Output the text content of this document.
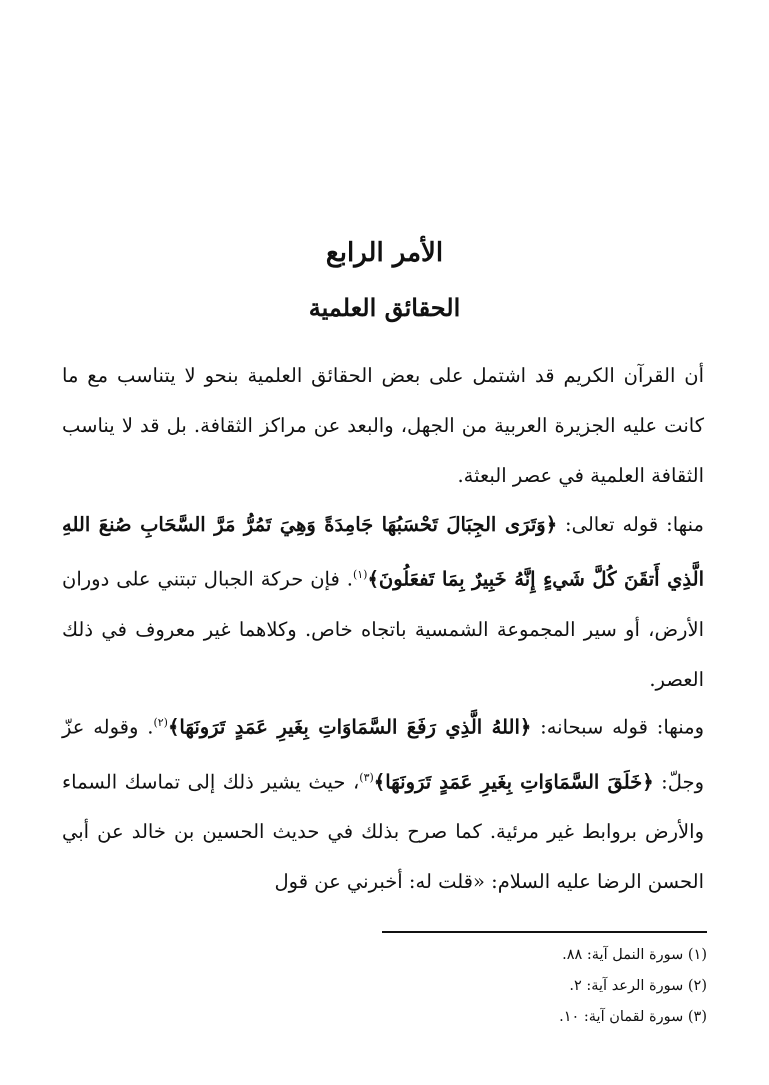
الأمر الرابع
الحقائق العلمية

أن القرآن الكريم قد اشتمل على بعض الحقائق العلمية بنحو لا يتناسب مع ما كانت عليه الجزيرة العربية من الجهل، والبعد عن مراكز الثقافة. بل قد لا يناسب الثقافة العلمية في عصر البعثة.

منها: قوله تعالى: ﴿وَتَرَى الجِبَالَ تَحْسَبُهَا جَامِدَةً وَهِيَ تَمُرُّ مَرَّ السَّحَابِ صُنعَ اللهِ الَّذِي أَتقَنَ كُلَّ شَيءٍ إِنَّهُ خَبِيرٌ بِمَا تَفعَلُونَ﴾$^{(١)}$. فإن حركة الجبال تبتني على دوران الأرض، أو سير المجموعة الشمسية باتجاه خاص. وكلاهما غير معروف في ذلك العصر.

ومنها: قوله سبحانه: ﴿اللهُ الَّذِي رَفَعَ السَّمَاوَاتِ بِغَيرِ عَمَدٍ تَرَونَهَا﴾$^{(٢)}$. وقوله عزّ وجلّ: ﴿خَلَقَ السَّمَاوَاتِ بِغَيرِ عَمَدٍ تَرَونَهَا﴾$^{(٣)}$، حيث يشير ذلك إلى تماسك السماء والأرض بروابط غير مرئية. كما صرح بذلك في حديث الحسين بن خالد عن أبي الحسن الرضا عليه السلام: «قلت له: أخبرني عن قول

(١) سورة النمل آية: ٨٨.
(٢) سورة الرعد آية: ٢.
(٣) سورة لقمان آية: ١٠.
